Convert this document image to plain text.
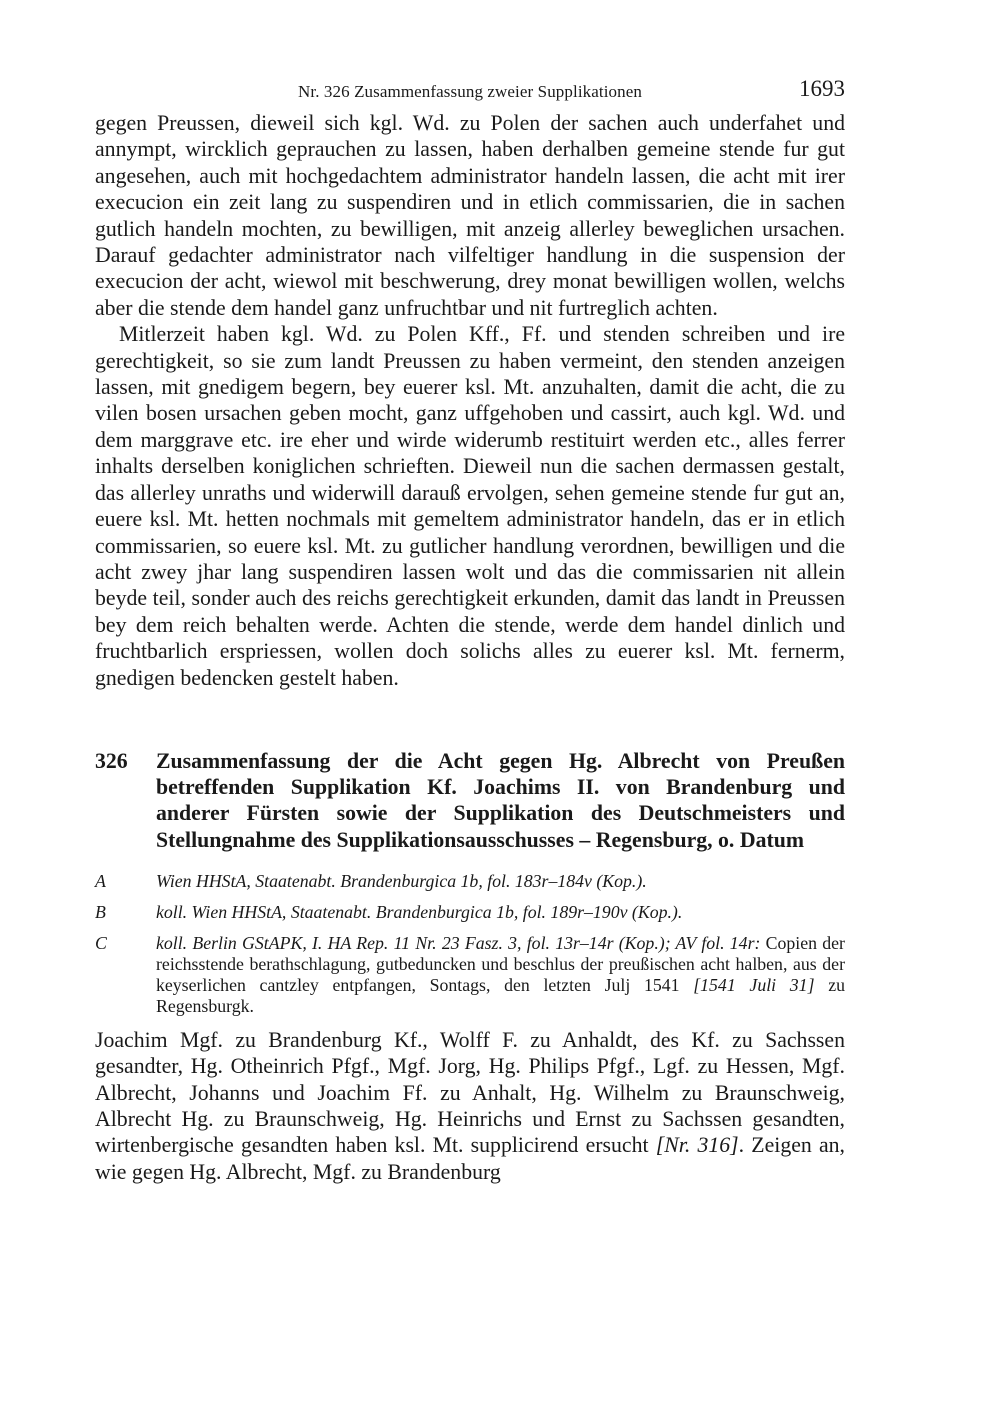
Nr. 326 Zusammenfassung zweier Supplikationen	1693

gegen Preussen, dieweil sich kgl. Wd. zu Polen der sachen auch underfahet und annympt, wircklich geprauchen zu lassen, haben derhalben gemeine stende fur gut angesehen, auch mit hochgedachtem administrator handeln lassen, die acht mit irer execucion ein zeit lang zu suspendiren und in etlich commissarien, die in sachen gutlich handeln mochten, zu bewilligen, mit anzeig allerley beweglichen ursachen. Darauf gedachter administrator nach vilfeltiger handlung in die suspension der execucion der acht, wiewol mit beschwerung, drey monat bewilligen wollen, welchs aber die stende dem handel ganz unfruchtbar und nit furtreglich achten.

Mitlerzeit haben kgl. Wd. zu Polen Kff., Ff. und stenden schreiben und ire gerechtigkeit, so sie zum landt Preussen zu haben vermeint, den stenden anzeigen lassen, mit gnedigem begern, bey euerer ksl. Mt. anzuhalten, damit die acht, die zu vilen bosen ursachen geben mocht, ganz uffgehoben und cassirt, auch kgl. Wd. und dem marggrave etc. ire eher und wirde widerumb restituirt werden etc., alles ferrer inhalts derselben koniglichen schrieften. Dieweil nun die sachen dermassen gestalt, das allerley unraths und widerwill darauß ervolgen, sehen gemeine stende fur gut an, euere ksl. Mt. hetten nochmals mit gemeltem administrator handeln, das er in etlich commissarien, so euere ksl. Mt. zu gutlicher handlung verordnen, bewilligen und die acht zwey jhar lang suspendiren lassen wolt und das die commissarien nit allein beyde teil, sonder auch des reichs gerechtigkeit erkunden, damit das landt in Preussen bey dem reich behalten werde. Achten die stende, werde dem handel dinlich und fruchtbarlich erspriessen, wollen doch solichs alles zu euerer ksl. Mt. fernerm, gnedigen bedencken gestelt haben.

326	Zusammenfassung der die Acht gegen Hg. Albrecht von Preußen betreffenden Supplikation Kf. Joachims II. von Brandenburg und anderer Fürsten sowie der Supplikation des Deutschmeisters und Stellungnahme des Supplikationsausschusses – Regensburg, o. Datum
A	Wien HHStA, Staatenabt. Brandenburgica 1b, fol. 183r–184v (Kop.).
B	koll. Wien HHStA, Staatenabt. Brandenburgica 1b, fol. 189r–190v (Kop.).
C	koll. Berlin GStAPK, I. HA Rep. 11 Nr. 23 Fasz. 3, fol. 13r–14r (Kop.); AV fol. 14r: Copien der reichsstende berathschlagung, gutbeduncken und beschlus der preußischen acht halben, aus der keyserlichen cantzley entpfangen, Sontags, den letzten Julj 1541 [1541 Juli 31] zu Regensburgk.

Joachim Mgf. zu Brandenburg Kf., Wolff F. zu Anhaldt, des Kf. zu Sachssen gesandter, Hg. Otheinrich Pfgf., Mgf. Jorg, Hg. Philips Pfgf., Lgf. zu Hessen, Mgf. Albrecht, Johanns und Joachim Ff. zu Anhalt, Hg. Wilhelm zu Braunschweig, Albrecht Hg. zu Braunschweig, Hg. Heinrichs und Ernst zu Sachssen gesandten, wirtenbergische gesandten haben ksl. Mt. supplicirend ersucht [Nr. 316]. Zeigen an, wie gegen Hg. Albrecht, Mgf. zu Brandenburg
